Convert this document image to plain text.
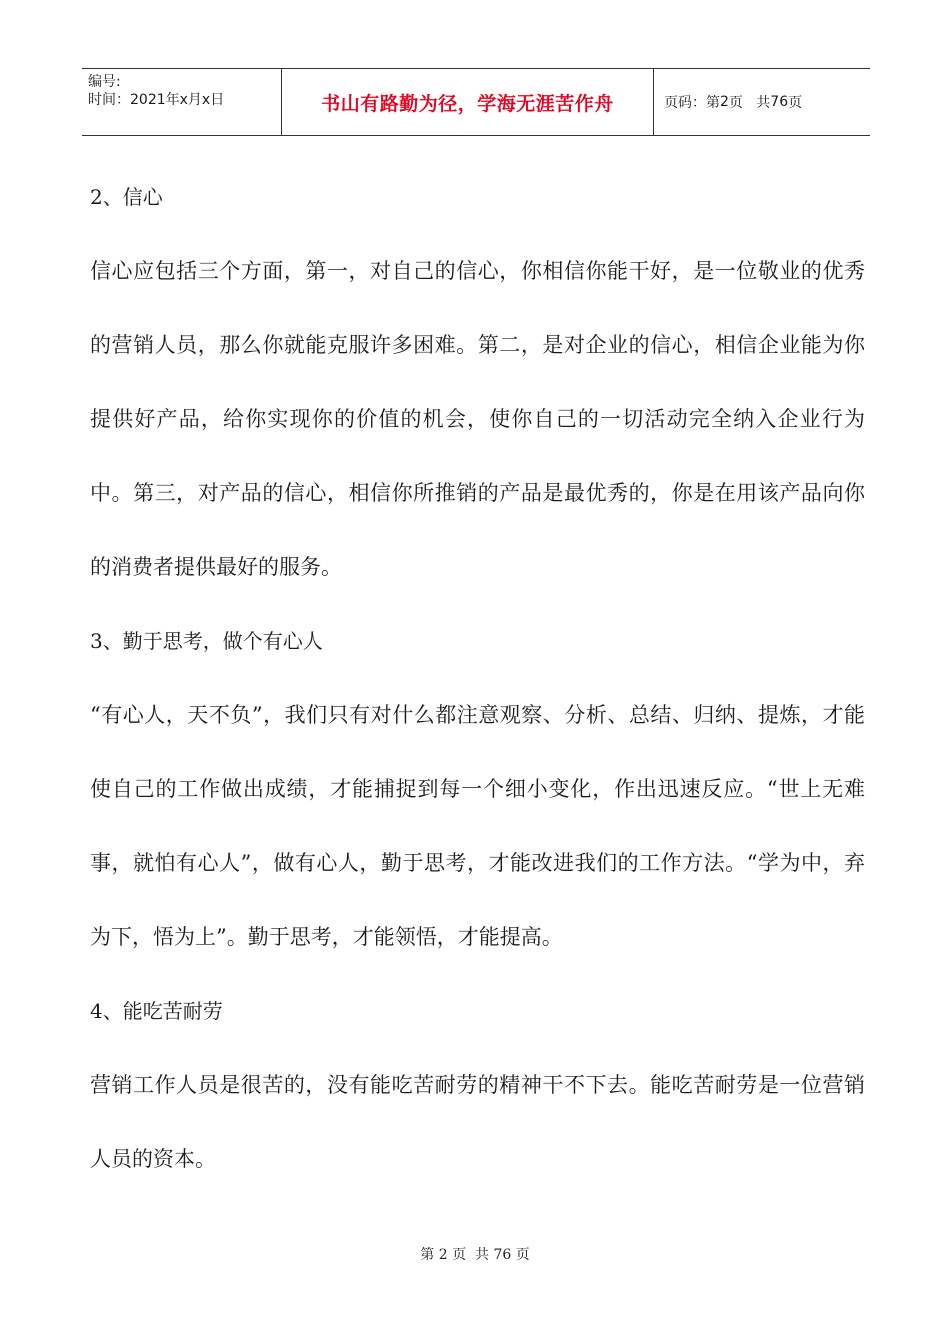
编号:
时间：2021年x月x日	书山有路勤为径，学海无涯苦作舟	页码：第 2 页   共 76 页

2、信心

信心应包括三个方面，第一，对自己的信心，你相信你能干好，是一位敬业的优秀的营销人员，那么你就能克服许多困难。第二，是对企业的信心，相信企业能为你提供好产品，给你实现你的价值的机会，使你自己的一切活动完全纳入企业行为中。第三，对产品的信心，相信你所推销的产品是最优秀的，你是在用该产品向你的消费者提供最好的服务。

3、勤于思考，做个有心人

“有心人，天不负”，我们只有对什么都注意观察、分析、总结、归纳、提炼，才能使自己的工作做出成绩，才能捕捉到每一个细小变化，作出迅速反应。“世上无难事，就怕有心人”，做有心人，勤于思考，才能改进我们的工作方法。“学为中，弃为下，悟为上”。勤于思考，才能领悟，才能提高。

4、能吃苦耐劳

营销工作人员是很苦的，没有能吃苦耐劳的精神干不下去。能吃苦耐劳是一位营销人员的资本。

第 2 页  共 76 页
